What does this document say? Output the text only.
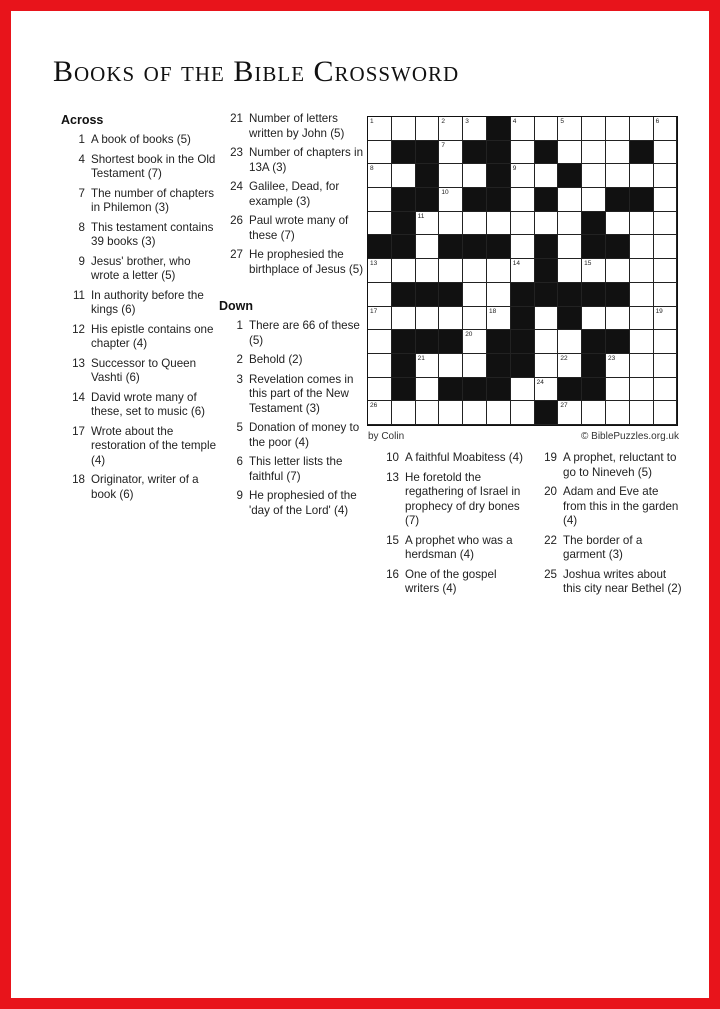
Books of the Bible Crossword
Across
1 A book of books (5)
4 Shortest book in the Old Testament (7)
7 The number of chapters in Philemon (3)
8 This testament contains 39 books (3)
9 Jesus' brother, who wrote a letter (5)
11 In authority before the kings (6)
12 His epistle contains one chapter (4)
13 Successor to Queen Vashti (6)
14 David wrote many of these, set to music (6)
17 Wrote about the restoration of the temple (4)
18 Originator, writer of a book (6)
21 Number of letters written by John (5)
23 Number of chapters in 13A (3)
24 Galilee, Dead, for example (3)
26 Paul wrote many of these (7)
27 He prophesied the birthplace of Jesus (5)
Down
1 There are 66 of these (5)
2 Behold (2)
3 Revelation comes in this part of the New Testament (3)
5 Donation of money to the poor (4)
6 This letter lists the faithful (7)
9 He prophesied of the 'day of the Lord' (4)
10 A faithful Moabitess (4)
13 He foretold the regathering of Israel in prophecy of dry bones (7)
15 A prophet who was a herdsman (4)
16 One of the gospel writers (4)
19 A prophet, reluctant to go to Nineveh (5)
20 Adam and Eve ate from this in the garden (4)
22 The border of a garment (3)
25 Joshua writes about this city near Bethel (2)
1	2	3	4	5	6
7
8	9
10
11
13	14	15
17	18	19
20
21	22	23
24
26	27
by Colin	© BiblePuzzles.org.uk
